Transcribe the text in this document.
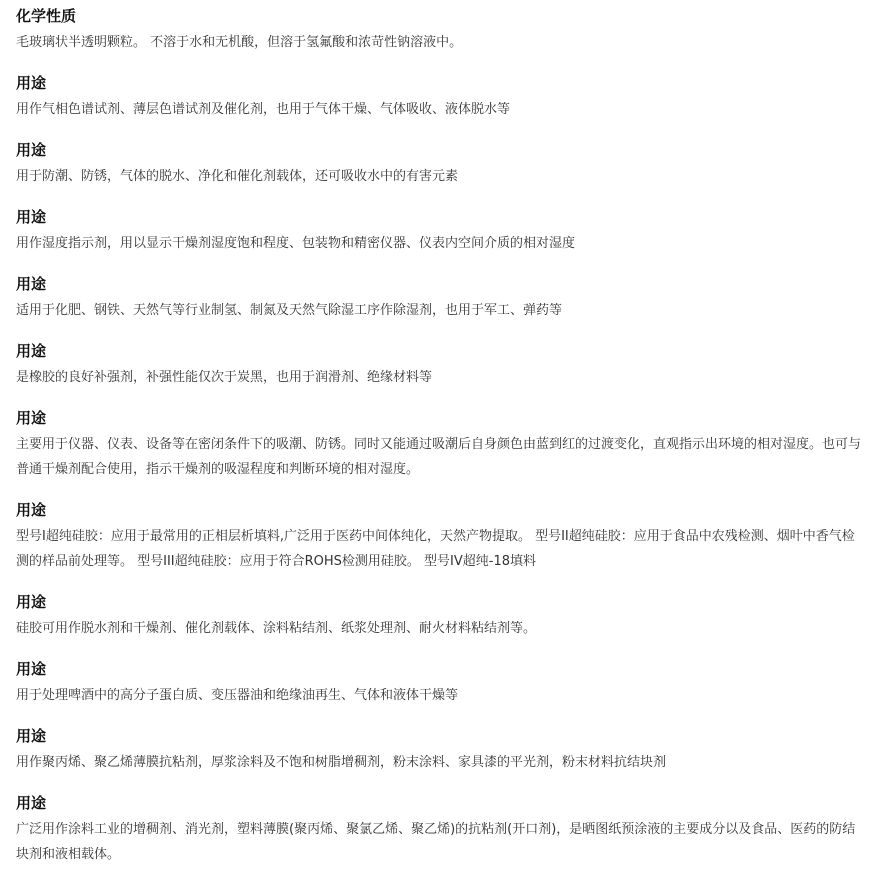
化学性质
毛玻璃状半透明颗粒。 不溶于水和无机酸，但溶于氢氟酸和浓苛性钠溶液中。
用途
用作气相色谱试剂、薄层色谱试剂及催化剂，也用于气体干燥、气体吸收、液体脱水等
用途
用于防潮、防锈，气体的脱水、净化和催化剂载体，还可吸收水中的有害元素
用途
用作湿度指示剂，用以显示干燥剂湿度饱和程度、包装物和精密仪器、仪表内空间介质的相对湿度
用途
适用于化肥、钢铁、天然气等行业制氢、制氮及天然气除湿工序作除湿剂，也用于军工、弹药等
用途
是橡胶的良好补强剂，补强性能仅次于炭黑，也用于润滑剂、绝缘材料等
用途
主要用于仪器、仪表、设备等在密闭条件下的吸潮、防锈。同时又能通过吸潮后自身颜色由蓝到红的过渡变化，直观指示出环境的相对湿度。也可与普通干燥剂配合使用，指示干燥剂的吸湿程度和判断环境的相对湿度。
用途
型号I超纯硅胶：应用于最常用的正相层析填料,广泛用于医药中间体纯化，天然产物提取。 型号II超纯硅胶：应用于食品中农残检测、烟叶中香气检测的样品前处理等。 型号III超纯硅胶：应用于符合ROHS检测用硅胶。 型号IV超纯-18填料
用途
硅胶可用作脱水剂和干燥剂、催化剂载体、涂料粘结剂、纸浆处理剂、耐火材料粘结剂等。
用途
用于处理啤酒中的高分子蛋白质、变压器油和绝缘油再生、气体和液体干燥等
用途
用作聚丙烯、聚乙烯薄膜抗粘剂，厚浆涂料及不饱和树脂增稠剂，粉末涂料、家具漆的平光剂，粉末材料抗结块剂
用途
广泛用作涂料工业的增稠剂、消光剂，塑料薄膜(聚丙烯、聚氯乙烯、聚乙烯)的抗粘剂(开口剂)，是晒图纸预涂液的主要成分以及食品、医药的防结块剂和液相载体。
